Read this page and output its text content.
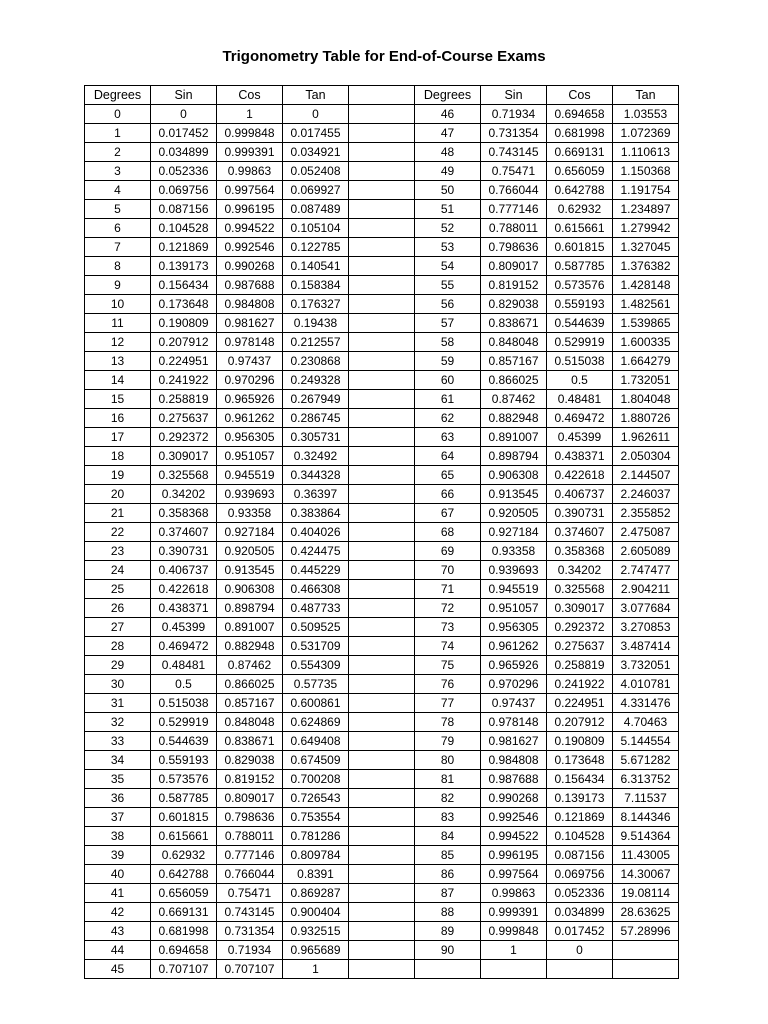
Trigonometry Table for End-of-Course Exams
Degrees	Sin	Cos	Tan		Degrees	Sin	Cos	Tan
0	0	1	0		46	0.71934	0.694658	1.03553
1	0.017452	0.999848	0.017455		47	0.731354	0.681998	1.072369
2	0.034899	0.999391	0.034921		48	0.743145	0.669131	1.110613
3	0.052336	0.99863	0.052408		49	0.75471	0.656059	1.150368
4	0.069756	0.997564	0.069927		50	0.766044	0.642788	1.191754
5	0.087156	0.996195	0.087489		51	0.777146	0.62932	1.234897
6	0.104528	0.994522	0.105104		52	0.788011	0.615661	1.279942
7	0.121869	0.992546	0.122785		53	0.798636	0.601815	1.327045
8	0.139173	0.990268	0.140541		54	0.809017	0.587785	1.376382
9	0.156434	0.987688	0.158384		55	0.819152	0.573576	1.428148
10	0.173648	0.984808	0.176327		56	0.829038	0.559193	1.482561
11	0.190809	0.981627	0.19438		57	0.838671	0.544639	1.539865
12	0.207912	0.978148	0.212557		58	0.848048	0.529919	1.600335
13	0.224951	0.97437	0.230868		59	0.857167	0.515038	1.664279
14	0.241922	0.970296	0.249328		60	0.866025	0.5	1.732051
15	0.258819	0.965926	0.267949		61	0.87462	0.48481	1.804048
16	0.275637	0.961262	0.286745		62	0.882948	0.469472	1.880726
17	0.292372	0.956305	0.305731		63	0.891007	0.45399	1.962611
18	0.309017	0.951057	0.32492		64	0.898794	0.438371	2.050304
19	0.325568	0.945519	0.344328		65	0.906308	0.422618	2.144507
20	0.34202	0.939693	0.36397		66	0.913545	0.406737	2.246037
21	0.358368	0.93358	0.383864		67	0.920505	0.390731	2.355852
22	0.374607	0.927184	0.404026		68	0.927184	0.374607	2.475087
23	0.390731	0.920505	0.424475		69	0.93358	0.358368	2.605089
24	0.406737	0.913545	0.445229		70	0.939693	0.34202	2.747477
25	0.422618	0.906308	0.466308		71	0.945519	0.325568	2.904211
26	0.438371	0.898794	0.487733		72	0.951057	0.309017	3.077684
27	0.45399	0.891007	0.509525		73	0.956305	0.292372	3.270853
28	0.469472	0.882948	0.531709		74	0.961262	0.275637	3.487414
29	0.48481	0.87462	0.554309		75	0.965926	0.258819	3.732051
30	0.5	0.866025	0.57735		76	0.970296	0.241922	4.010781
31	0.515038	0.857167	0.600861		77	0.97437	0.224951	4.331476
32	0.529919	0.848048	0.624869		78	0.978148	0.207912	4.70463
33	0.544639	0.838671	0.649408		79	0.981627	0.190809	5.144554
34	0.559193	0.829038	0.674509		80	0.984808	0.173648	5.671282
35	0.573576	0.819152	0.700208		81	0.987688	0.156434	6.313752
36	0.587785	0.809017	0.726543		82	0.990268	0.139173	7.11537
37	0.601815	0.798636	0.753554		83	0.992546	0.121869	8.144346
38	0.615661	0.788011	0.781286		84	0.994522	0.104528	9.514364
39	0.62932	0.777146	0.809784		85	0.996195	0.087156	11.43005
40	0.642788	0.766044	0.8391		86	0.997564	0.069756	14.30067
41	0.656059	0.75471	0.869287		87	0.99863	0.052336	19.08114
42	0.669131	0.743145	0.900404		88	0.999391	0.034899	28.63625
43	0.681998	0.731354	0.932515		89	0.999848	0.017452	57.28996
44	0.694658	0.71934	0.965689		90	1	0	
45	0.707107	0.707107	1					
